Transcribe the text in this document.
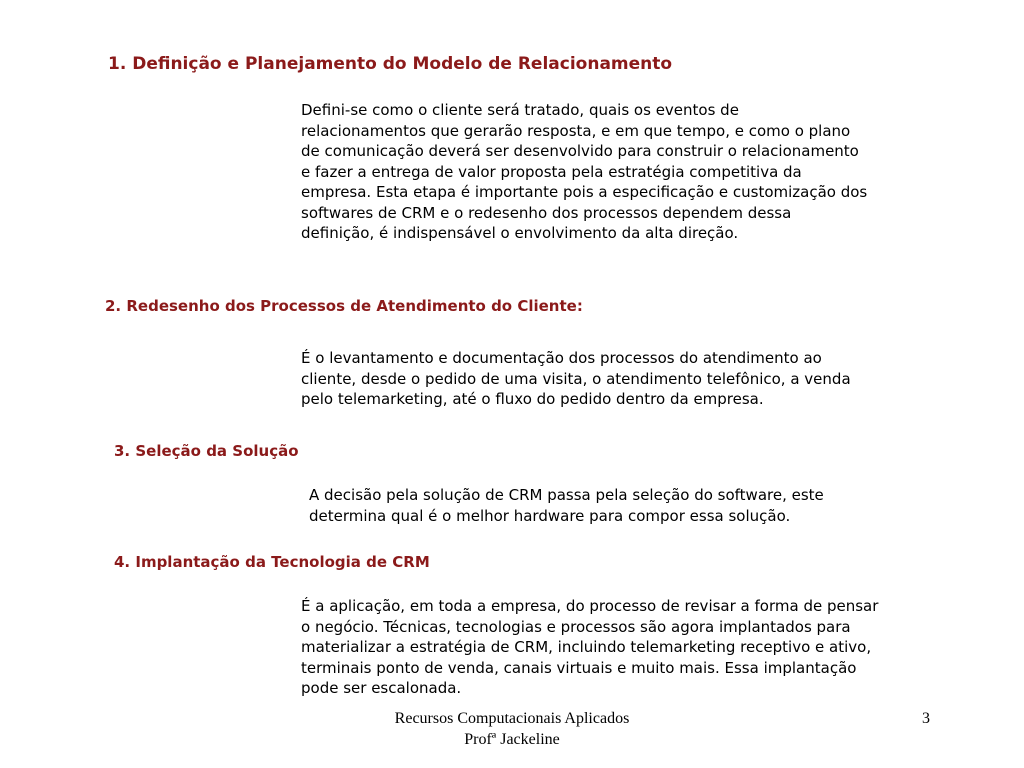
1. Definição e Planejamento do Modelo de Relacionamento

Defini-se como o cliente será tratado, quais os eventos de
relacionamentos que gerarão resposta, e em que tempo, e como o plano
de comunicação deverá ser desenvolvido para construir o relacionamento
e fazer a entrega de valor proposta pela estratégia competitiva da
empresa. Esta etapa é importante pois a especificação e customização dos
softwares de CRM e o redesenho dos processos dependem dessa
definição, é indispensável o envolvimento da alta direção.

2. Redesenho dos Processos de Atendimento do Cliente:

É o levantamento e documentação dos processos do atendimento ao
cliente, desde o pedido de uma visita, o atendimento telefônico, a venda
pelo telemarketing, até o fluxo do pedido dentro da empresa.

3. Seleção da Solução

A decisão pela solução de CRM passa pela seleção do software, este
determina qual é o melhor hardware para compor essa solução.

4. Implantação da Tecnologia de CRM

É a aplicação, em toda a empresa, do processo de revisar a forma de pensar
o negócio. Técnicas, tecnologias e processos são agora implantados para
materializar a estratégia de CRM, incluindo telemarketing receptivo e ativo,
terminais ponto de venda, canais virtuais e muito mais. Essa implantação
pode ser escalonada.

Recursos Computacionais Aplicados
Profª Jackeline
3
